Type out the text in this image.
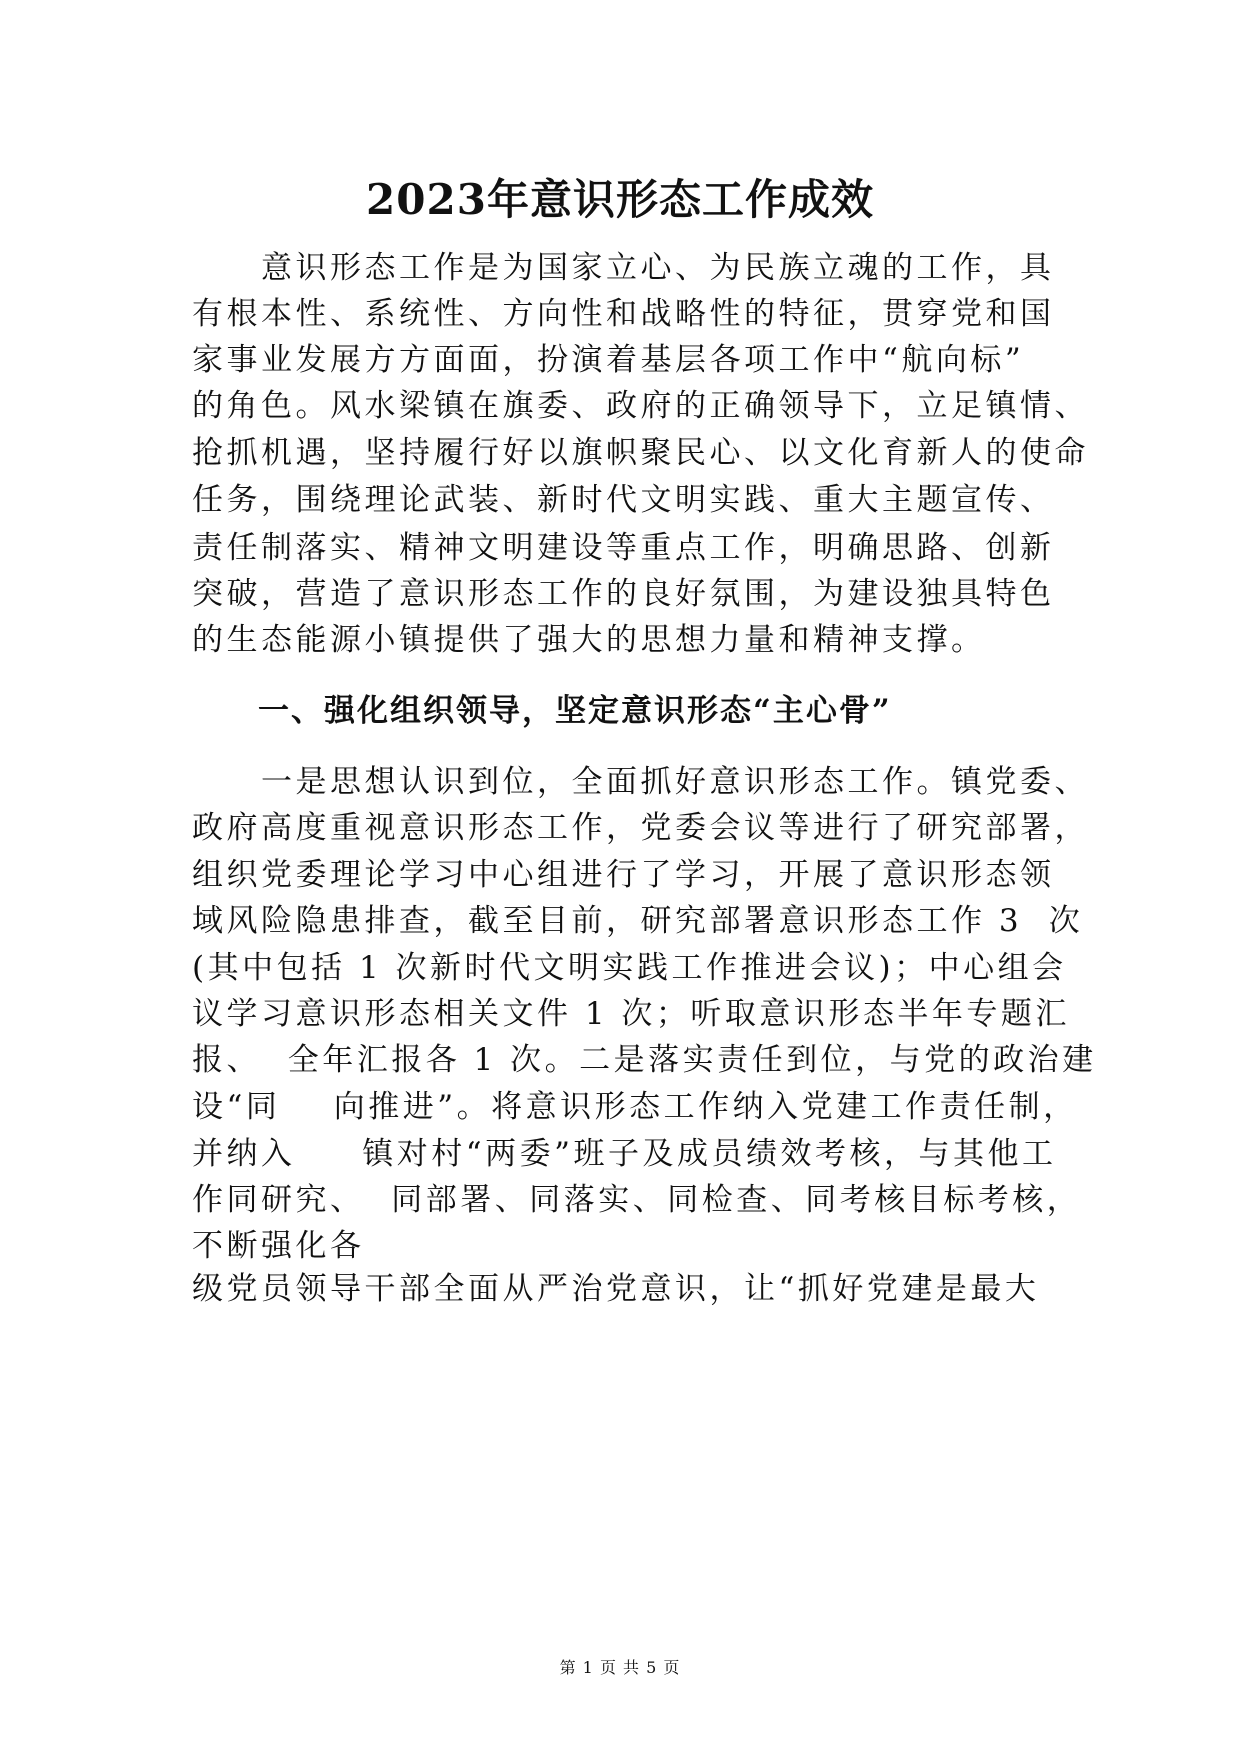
2023年意识形态工作成效
　　意识形态工作是为国家立心、为民族立魂的工作，具
有根本性、系统性、方向性和战略性的特征，贯穿党和国
家事业发展方方面面，扮演着基层各项工作中“航向标”
的角色。风水梁镇在旗委、政府的正确领导下，立足镇情、
抢抓机遇，坚持履行好以旗帜聚民心、以文化育新人的使命
任务，围绕理论武装、新时代文明实践、重大主题宣传、
责任制落实、精神文明建设等重点工作，明确思路、创新
突破，营造了意识形态工作的良好氛围，为建设独具特色
的生态能源小镇提供了强大的思想力量和精神支撑。
　　一、强化组织领导，坚定意识形态“主心骨”
　　一是思想认识到位，全面抓好意识形态工作。镇党委、
政府高度重视意识形态工作，党委会议等进行了研究部署，
组织党委理论学习中心组进行了学习，开展了意识形态领
域风险隐患排查，截至目前，研究部署意识形态工作 3  次
(其中包括 1 次新时代文明实践工作推进会议)；中心组会
议学习意识形态相关文件 1 次；听取意识形态半年专题汇
报、  全年汇报各 1 次。二是落实责任到位，与党的政治建
设“同    向推进”。将意识形态工作纳入党建工作责任制，
并纳入     镇对村“两委”班子及成员绩效考核，与其他工
作同研究、  同部署、同落实、同检查、同考核目标考核，
不断强化各
级党员领导干部全面从严治党意识，让“抓好党建是最大
第 1 页 共 5 页
